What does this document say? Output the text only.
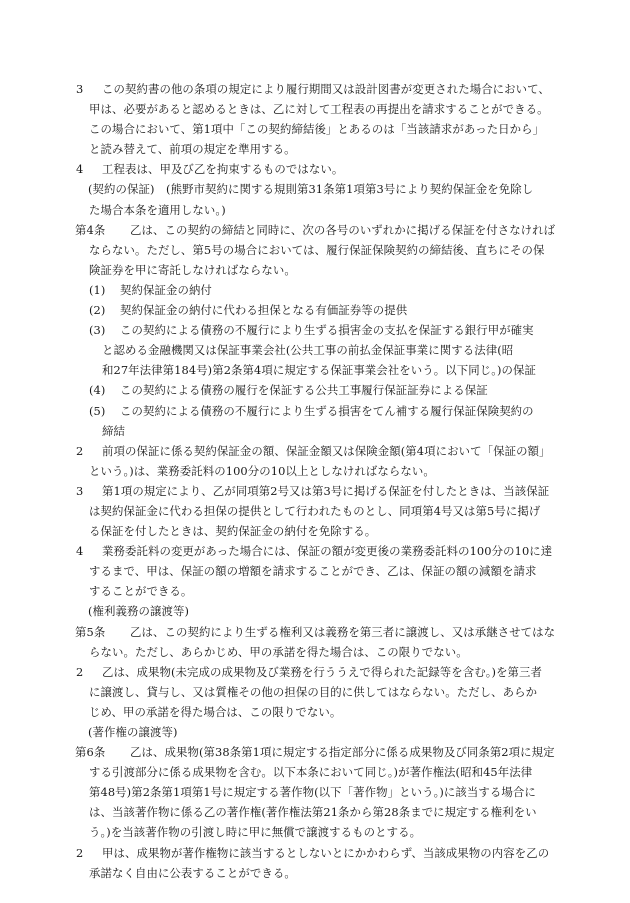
3	この契約書の他の条項の規定により履行期間又は設計図書が変更された場合において、
甲は、必要があると認めるときは、乙に対して工程表の再提出を請求することができる。
この場合において、第1項中「この契約締結後」とあるのは「当該請求があった日から」
と読み替えて、前項の規定を準用する。
4	工程表は、甲及び乙を拘束するものではない。
(契約の保証)　(熊野市契約に関する規則第31条第1項第3号により契約保証金を免除し
た場合本条を適用しない。)
第4条	乙は、この契約の締結と同時に、次の各号のいずれかに掲げる保証を付さなければ
ならない。ただし、第5号の場合においては、履行保証保険契約の締結後、直ちにその保
険証券を甲に寄託しなければならない。
(1)	契約保証金の納付
(2)	契約保証金の納付に代わる担保となる有価証券等の提供
(3)	この契約による債務の不履行により生ずる損害金の支払を保証する銀行甲が確実
と認める金融機関又は保証事業会社(公共工事の前払金保証事業に関する法律(昭
和27年法律第184号)第2条第4項に規定する保証事業会社をいう。以下同じ。)の保証
(4)	この契約による債務の履行を保証する公共工事履行保証証券による保証
(5)	この契約による債務の不履行により生ずる損害をてん補する履行保証保険契約の
締結
2	前項の保証に係る契約保証金の額、保証金額又は保険金額(第4項において「保証の額」
という。)は、業務委託料の100分の10以上としなければならない。
3	第1項の規定により、乙が同項第2号又は第3号に掲げる保証を付したときは、当該保証
は契約保証金に代わる担保の提供として行われたものとし、同項第4号又は第5号に掲げ
る保証を付したときは、契約保証金の納付を免除する。
4	業務委託料の変更があった場合には、保証の額が変更後の業務委託料の100分の10に達
するまで、甲は、保証の額の増額を請求することができ、乙は、保証の額の減額を請求
することができる。
(権利義務の譲渡等)
第5条	乙は、この契約により生ずる権利又は義務を第三者に譲渡し、又は承継させてはな
らない。ただし、あらかじめ、甲の承諾を得た場合は、この限りでない。
2	乙は、成果物(未完成の成果物及び業務を行ううえで得られた記録等を含む。)を第三者
に譲渡し、貸与し、又は質権その他の担保の目的に供してはならない。ただし、あらか
じめ、甲の承諾を得た場合は、この限りでない。
(著作権の譲渡等)
第6条	乙は、成果物(第38条第1項に規定する指定部分に係る成果物及び同条第2項に規定
する引渡部分に係る成果物を含む。以下本条において同じ。)が著作権法(昭和45年法律
第48号)第2条第1項第1号に規定する著作物(以下「著作物」という。)に該当する場合に
は、当該著作物に係る乙の著作権(著作権法第21条から第28条までに規定する権利をい
う。)を当該著作物の引渡し時に甲に無償で譲渡するものとする。
2	甲は、成果物が著作権物に該当するとしないとにかかわらず、当該成果物の内容を乙の
承諾なく自由に公表することができる。
